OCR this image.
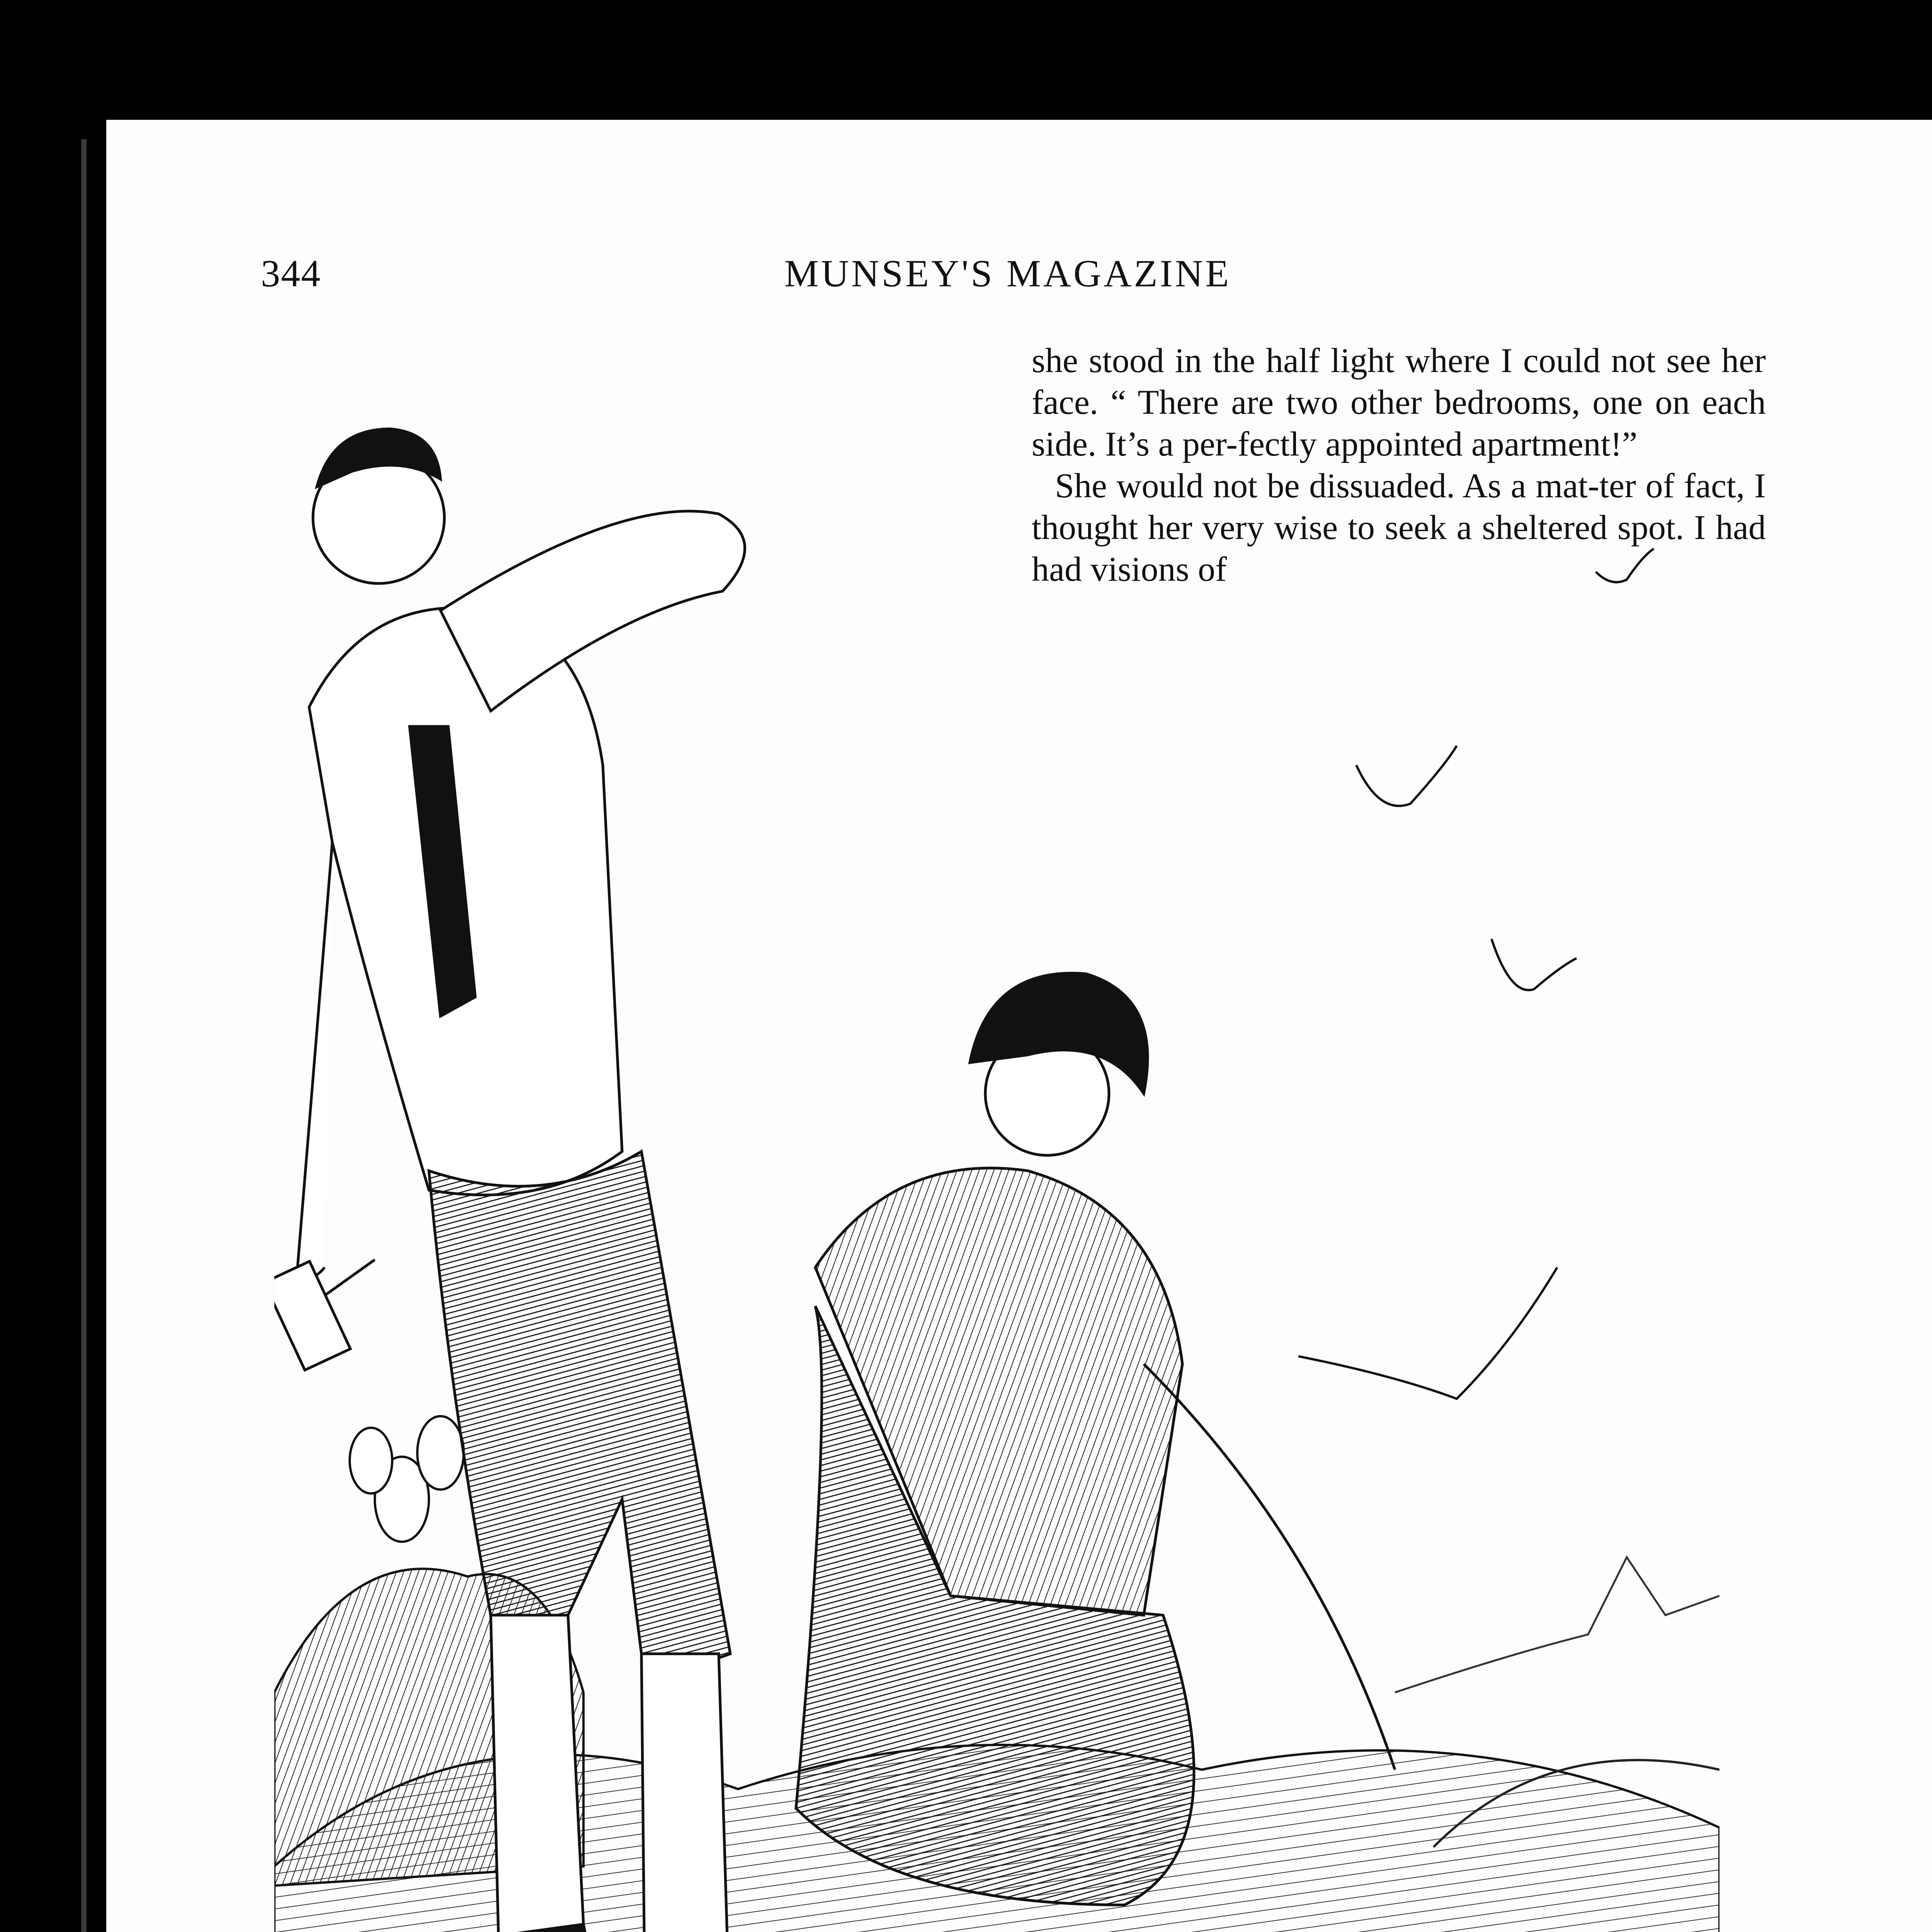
344	MUNSEY'S MAGAZINE

she stood in the half light where I could not see her face. “ There are two other bedrooms, one on each side. It’s a per-fectly appointed apartment!”

She would not be dissuaded. As a mat-ter of fact, I thought her very wise to seek a sheltered spot. I had had visions of
